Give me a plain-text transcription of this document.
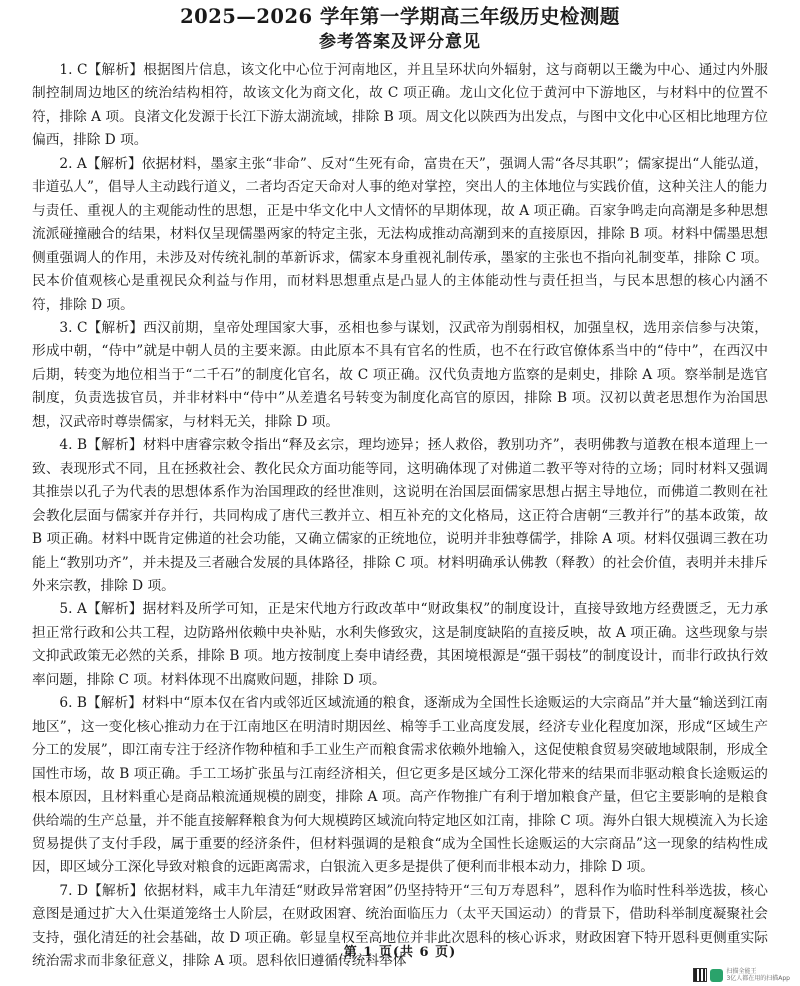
2025—2026 学年第一学期高三年级历史检测题
参考答案及评分意见

1. C【解析】根据图片信息，该文化中心位于河南地区，并且呈环状向外辐射，这与商朝以王畿为中心、通过内外服制控制周边地区的统治结构相符，故该文化为商文化，故 C 项正确。龙山文化位于黄河中下游地区，与材料中的位置不符，排除 A 项。良渚文化发源于长江下游太湖流域，排除 B 项。周文化以陕西为出发点，与图中文化中心区相比地理方位偏西，排除 D 项。

2. A【解析】依据材料，墨家主张“非命”、反对“生死有命，富贵在天”，强调人需“各尽其职”；儒家提出“人能弘道，非道弘人”，倡导人主动践行道义，二者均否定天命对人事的绝对掌控，突出人的主体地位与实践价值，这种关注人的能力与责任、重视人的主观能动性的思想，正是中华文化中人文情怀的早期体现，故 A 项正确。百家争鸣走向高潮是多种思想流派碰撞融合的结果，材料仅呈现儒墨两家的特定主张，无法构成推动高潮到来的直接原因，排除 B 项。材料中儒墨思想侧重强调人的作用，未涉及对传统礼制的革新诉求，儒家本身重视礼制传承，墨家的主张也不指向礼制变革，排除 C 项。民本价值观核心是重视民众利益与作用，而材料思想重点是凸显人的主体能动性与责任担当，与民本思想的核心内涵不符，排除 D 项。

3. C【解析】西汉前期，皇帝处理国家大事，丞相也参与谋划，汉武帝为削弱相权，加强皇权，选用亲信参与决策，形成中朝，“侍中”就是中朝人员的主要来源。由此原本不具有官名的性质，也不在行政官僚体系当中的“侍中”，在西汉中后期，转变为地位相当于“二千石”的制度化官名，故 C 项正确。汉代负责地方监察的是刺史，排除 A 项。察举制是选官制度，负责选拔官员，并非材料中“侍中”从差遣名号转变为制度化高官的原因，排除 B 项。汉初以黄老思想作为治国思想，汉武帝时尊崇儒家，与材料无关，排除 D 项。

4. B【解析】材料中唐睿宗敕令指出“释及玄宗，理均迹异；拯人救俗，教别功齐”，表明佛教与道教在根本道理上一致、表现形式不同，且在拯救社会、教化民众方面功能等同，这明确体现了对佛道二教平等对待的立场；同时材料又强调其推崇以孔子为代表的思想体系作为治国理政的经世准则，这说明在治国层面儒家思想占据主导地位，而佛道二教则在社会教化层面与儒家并存并行，共同构成了唐代三教并立、相互补充的文化格局，这正符合唐朝“三教并行”的基本政策，故 B 项正确。材料中既肯定佛道的社会功能，又确立儒家的正统地位，说明并非独尊儒学，排除 A 项。材料仅强调三教在功能上“教别功齐”，并未提及三者融合发展的具体路径，排除 C 项。材料明确承认佛教（释教）的社会价值，表明并未排斥外来宗教，排除 D 项。

5. A【解析】据材料及所学可知，正是宋代地方行政改革中“财政集权”的制度设计，直接导致地方经费匮乏，无力承担正常行政和公共工程，边防路州依赖中央补贴，水利失修致灾，这是制度缺陷的直接反映，故 A 项正确。这些现象与崇文抑武政策无必然的关系，排除 B 项。地方按制度上奏申请经费，其困境根源是“强干弱枝”的制度设计，而非行政执行效率问题，排除 C 项。材料体现不出腐败问题，排除 D 项。

6. B【解析】材料中“原本仅在省内或邻近区域流通的粮食，逐渐成为全国性长途贩运的大宗商品”并大量“输送到江南地区”，这一变化核心推动力在于江南地区在明清时期因丝、棉等手工业高度发展，经济专业化程度加深，形成“区域生产分工的发展”，即江南专注于经济作物种植和手工业生产而粮食需求依赖外地输入，这促使粮食贸易突破地域限制，形成全国性市场，故 B 项正确。手工工场扩张虽与江南经济相关，但它更多是区域分工深化带来的结果而非驱动粮食长途贩运的根本原因，且材料重心是商品粮流通规模的剧变，排除 A 项。高产作物推广有利于增加粮食产量，但它主要影响的是粮食供给端的生产总量，并不能直接解释粮食为何大规模跨区域流向特定地区如江南，排除 C 项。海外白银大规模流入为长途贸易提供了支付手段，属于重要的经济条件，但材料强调的是粮食“成为全国性长途贩运的大宗商品”这一现象的结构性成因，即区域分工深化导致对粮食的远距离需求，白银流入更多是提供了便利而非根本动力，排除 D 项。

7. D【解析】依据材料，咸丰九年清廷“财政异常窘困”仍坚持特开“三旬万寿恩科”，恩科作为临时性科举选拔，核心意图是通过扩大入仕渠道笼络士人阶层，在财政困窘、统治面临压力（太平天国运动）的背景下，借助科举制度凝聚社会支持，强化清廷的社会基础，故 D 项正确。彰显皇权至高地位并非此次恩科的核心诉求，财政困窘下特开恩科更侧重实际统治需求而非象征意义，排除 A 项。恩科依旧遵循传统科举体

第 1 页(共 6 页)
扫描全能王
3亿人都在用的扫描App
